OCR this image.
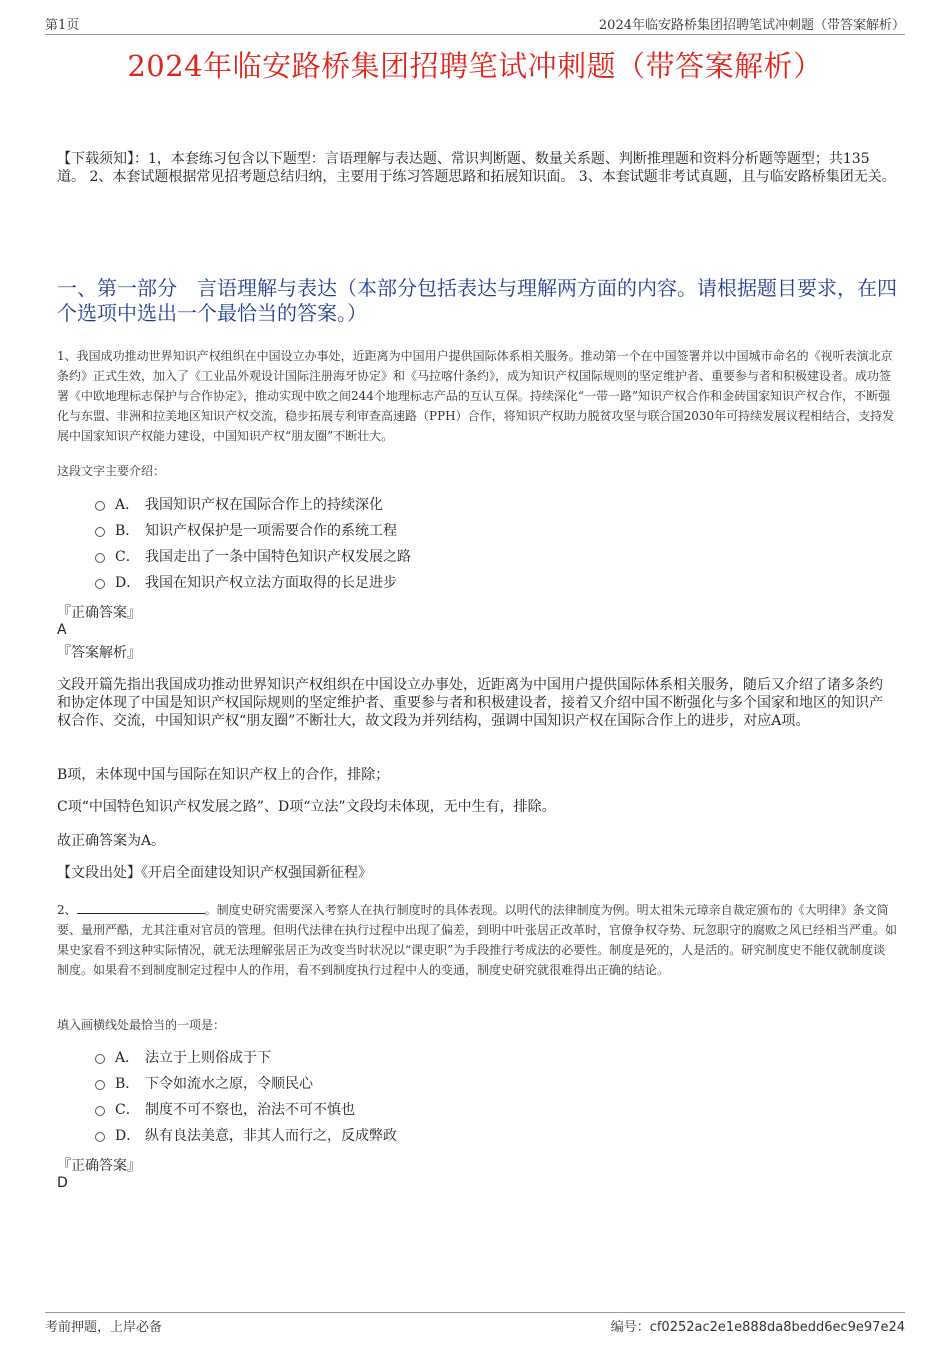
第1页	2024年临安路桥集团招聘笔试冲刺题（带答案解析）
2024年临安路桥集团招聘笔试冲刺题（带答案解析）
【下载须知】：1，本套练习包含以下题型：言语理解与表达题、常识判断题、数量关系题、判断推理题和资料分析题等题型；共135道。 2、本套试题根据常见招考题总结归纳，主要用于练习答题思路和拓展知识面。 3、本套试题非考试真题，且与临安路桥集团无关。
一、第一部分　言语理解与表达（本部分包括表达与理解两方面的内容。请根据题目要求，在四个选项中选出一个最恰当的答案。）
1、我国成功推动世界知识产权组织在中国设立办事处，近距离为中国用户提供国际体系相关服务。推动第一个在中国签署并以中国城市命名的《视听表演北京条约》正式生效，加入了《工业品外观设计国际注册海牙协定》和《马拉喀什条约》，成为知识产权国际规则的坚定维护者、重要参与者和积极建设者。成功签署《中欧地理标志保护与合作协定》，推动实现中欧之间244个地理标志产品的互认互保。持续深化“一带一路”知识产权合作和金砖国家知识产权合作，不断强化与东盟、非洲和拉美地区知识产权交流，稳步拓展专利审查高速路（PPH）合作，将知识产权助力脱贫攻坚与联合国2030年可持续发展议程相结合，支持发展中国家知识产权能力建设，中国知识产权“朋友圈”不断壮大。
这段文字主要介绍：
A． 我国知识产权在国际合作上的持续深化
B． 知识产权保护是一项需要合作的系统工程
C． 我国走出了一条中国特色知识产权发展之路
D． 我国在知识产权立法方面取得的长足进步
『正确答案』
A
『答案解析』
文段开篇先指出我国成功推动世界知识产权组织在中国设立办事处，近距离为中国用户提供国际体系相关服务，随后又介绍了诸多条约和协定体现了中国是知识产权国际规则的坚定维护者、重要参与者和积极建设者，接着又介绍中国不断强化与多个国家和地区的知识产权合作、交流，中国知识产权“朋友圈”不断壮大，故文段为并列结构，强调中国知识产权在国际合作上的进步，对应A项。
B项，未体现中国与国际在知识产权上的合作，排除；
C项“中国特色知识产权发展之路”、D项“立法”文段均未体现，无中生有，排除。
故正确答案为A。
【文段出处】《开启全面建设知识产权强国新征程》
2、	。制度史研究需要深入考察人在执行制度时的具体表现。以明代的法律制度为例。明太祖朱元璋亲自裁定颁布的《大明律》条文简要、量刑严酷，尤其注重对官员的管理。但明代法律在执行过程中出现了偏差，到明中叶张居正改革时，官僚争权夺势、玩忽职守的腐败之风已经相当严重。如果史家看不到这种实际情况，就无法理解张居正为改变当时状况以“课吏职”为手段推行考成法的必要性。制度是死的，人是活的。研究制度史不能仅就制度谈制度。如果看不到制度制定过程中人的作用，看不到制度执行过程中人的变通，制度史研究就很难得出正确的结论。
填入画横线处最恰当的一项是：
A． 法立于上则俗成于下
B． 下令如流水之原，令顺民心
C． 制度不可不察也，治法不可不慎也
D． 纵有良法美意，非其人而行之，反成弊政
『正确答案』
D
考前押题，上岸必备	编号：cf0252ac2e1e888da8bedd6ec9e97e24
